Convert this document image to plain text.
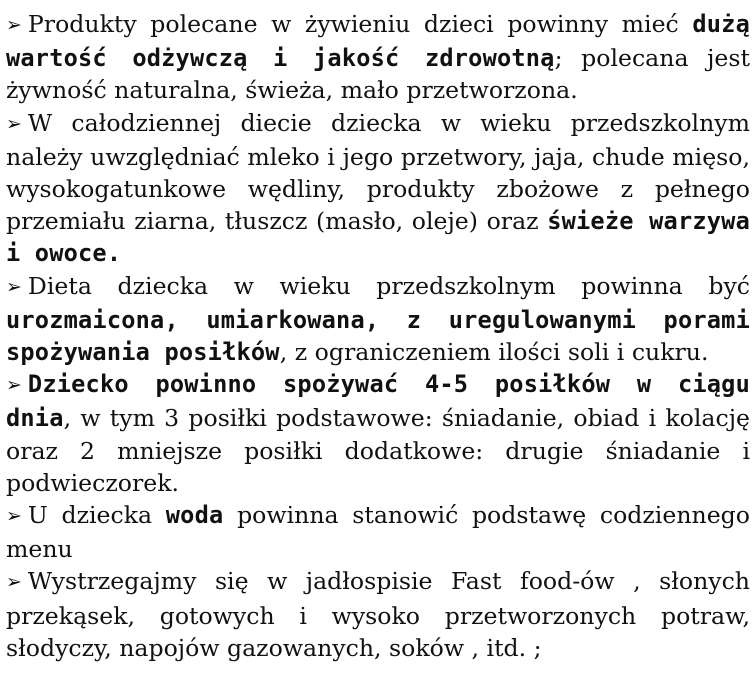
➢ Produkty polecane w żywieniu dzieci powinny mieć dużą wartość odżywczą i jakość zdrowotną; polecana jest żywność naturalna, świeża, mało przetworzona.

➢ W całodziennej diecie dziecka w wieku przedszkolnym należy uwzględniać mleko i jego przetwory, jaja, chude mięso, wysokogatunkowe wędliny, produkty zbożowe z pełnego przemiału ziarna, tłuszcz (masło, oleje) oraz świeże warzywa i owoce.

➢ Dieta dziecka w wieku przedszkolnym powinna być urozmaicona, umiarkowana, z uregulowanymi porami spożywania posiłków, z ograniczeniem ilości soli i cukru.

➢ Dziecko powinno spożywać 4-5 posiłków w ciągu dnia, w tym 3 posiłki podstawowe: śniadanie, obiad i kolację oraz 2 mniejsze posiłki dodatkowe: drugie śniadanie i podwieczorek.

➢ U dziecka woda powinna stanowić podstawę codziennego menu

➢ Wystrzegajmy się w jadłospisie Fast food-ów , słonych przekąsek, gotowych i wysoko przetworzonych potraw, słodyczy, napojów gazowanych, soków , itd. ;
